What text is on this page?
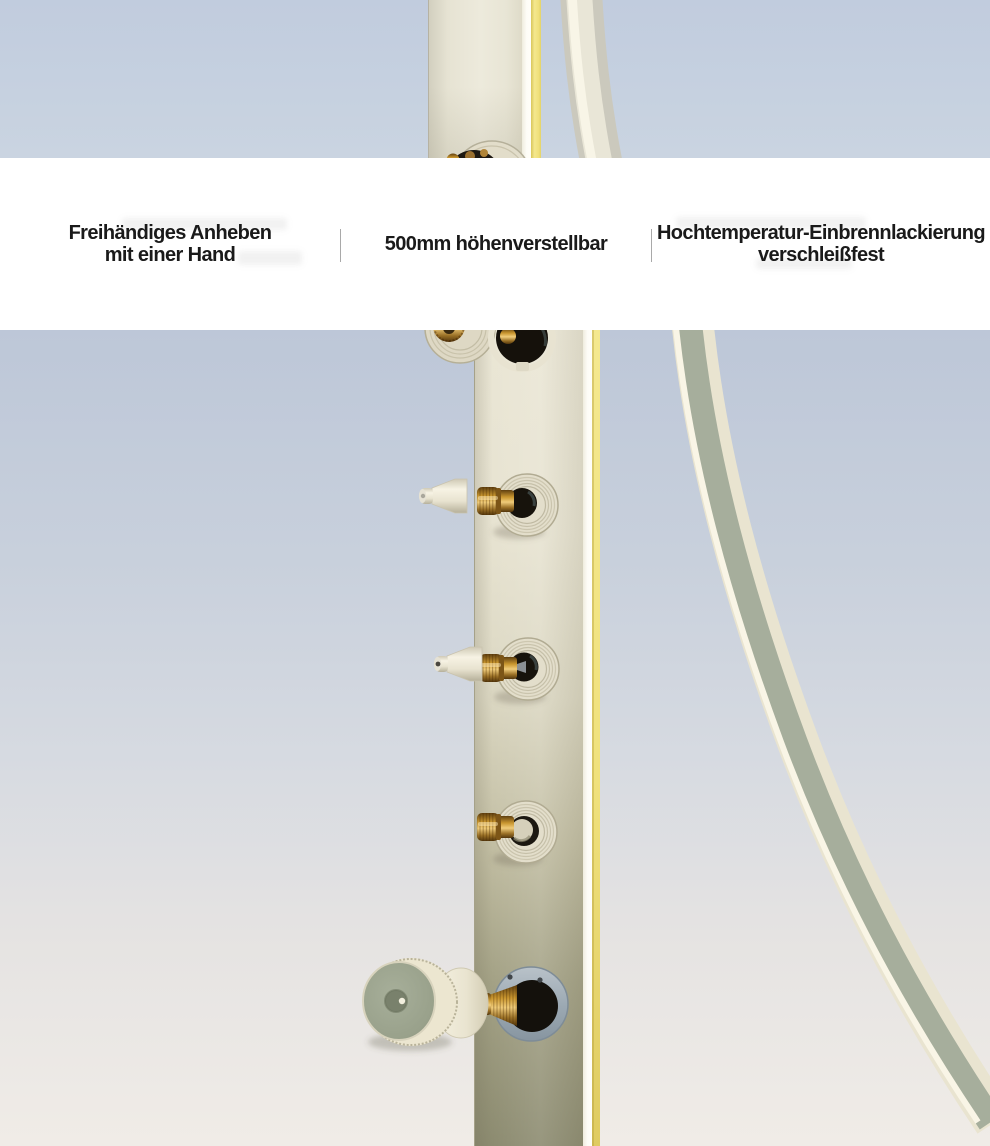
Freihändiges Anheben
mit einer Hand	500mm höhenverstellbar	Hochtemperatur-Einbrennlackierung
verschleißfest
